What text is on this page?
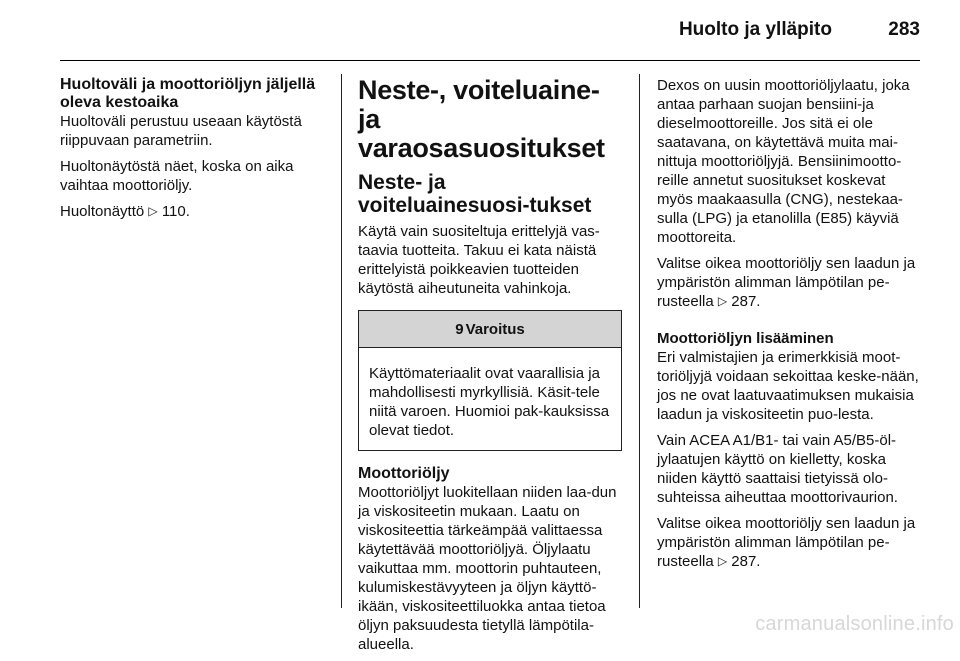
Huolto ja ylläpito	283
Huoltoväli ja moottoriöljyn jäljellä oleva kestoaika

Huoltoväli perustuu useaan käytöstä riippuvaan parametriin.

Huoltonäytöstä näet, koska on aika vaihtaa moottoriöljy.

Huoltonäyttö ▷ 110.

Neste-, voiteluaine- ja varaosasuositukset
Neste- ja voiteluainesuosi-tukset

Käytä vain suositeltuja erittelyjä vas-taavia tuotteita. Takuu ei kata näistä erittelyistä poikkeavien tuotteiden käytöstä aiheutuneita vahinkoja.

9 Varoitus
Käyttömateriaalit ovat vaarallisia ja mahdollisesti myrkyllisiä. Käsit-tele niitä varoen. Huomioi pak-kauksissa olevat tiedot.
Moottoriöljy

Moottoriöljyt luokitellaan niiden laa-dun ja viskositeetin mukaan. Laatu on viskositeettia tärkeämpää valittaessa käytettävää moottoriöljyä. Öljylaatu vaikuttaa mm. moottorin puhtauteen, kulumiskestävyyteen ja öljyn käyttö-ikään, viskositeettiluokka antaa tietoa öljyn paksuudesta tietyllä lämpötila-alueella.

Dexos on uusin moottoriöljylaatu, joka antaa parhaan suojan bensiini-ja dieselmoottoreille. Jos sitä ei ole saatavana, on käytettävä muita mai-nittuja moottoriöljyjä. Bensiinimootto-reille annetut suositukset koskevat myös maakaasulla (CNG), nestekaa-sulla (LPG) ja etanolilla (E85) käyviä moottoreita.

Valitse oikea moottoriöljy sen laadun ja ympäristön alimman lämpötilan pe-rusteella ▷ 287.

Moottoriöljyn lisääminen

Eri valmistajien ja erimerkkisiä moot-toriöljyjä voidaan sekoittaa keske-nään, jos ne ovat laatuvaatimuksen mukaisia laadun ja viskositeetin puo-lesta.

Vain ACEA A1/B1- tai vain A5/B5-öl-jylaatujen käyttö on kielletty, koska niiden käyttö saattaisi tietyissä olo-suhteissa aiheuttaa moottorivaurion.

Valitse oikea moottoriöljy sen laadun ja ympäristön alimman lämpötilan pe-rusteella ▷ 287.

carmanualsonline.info
